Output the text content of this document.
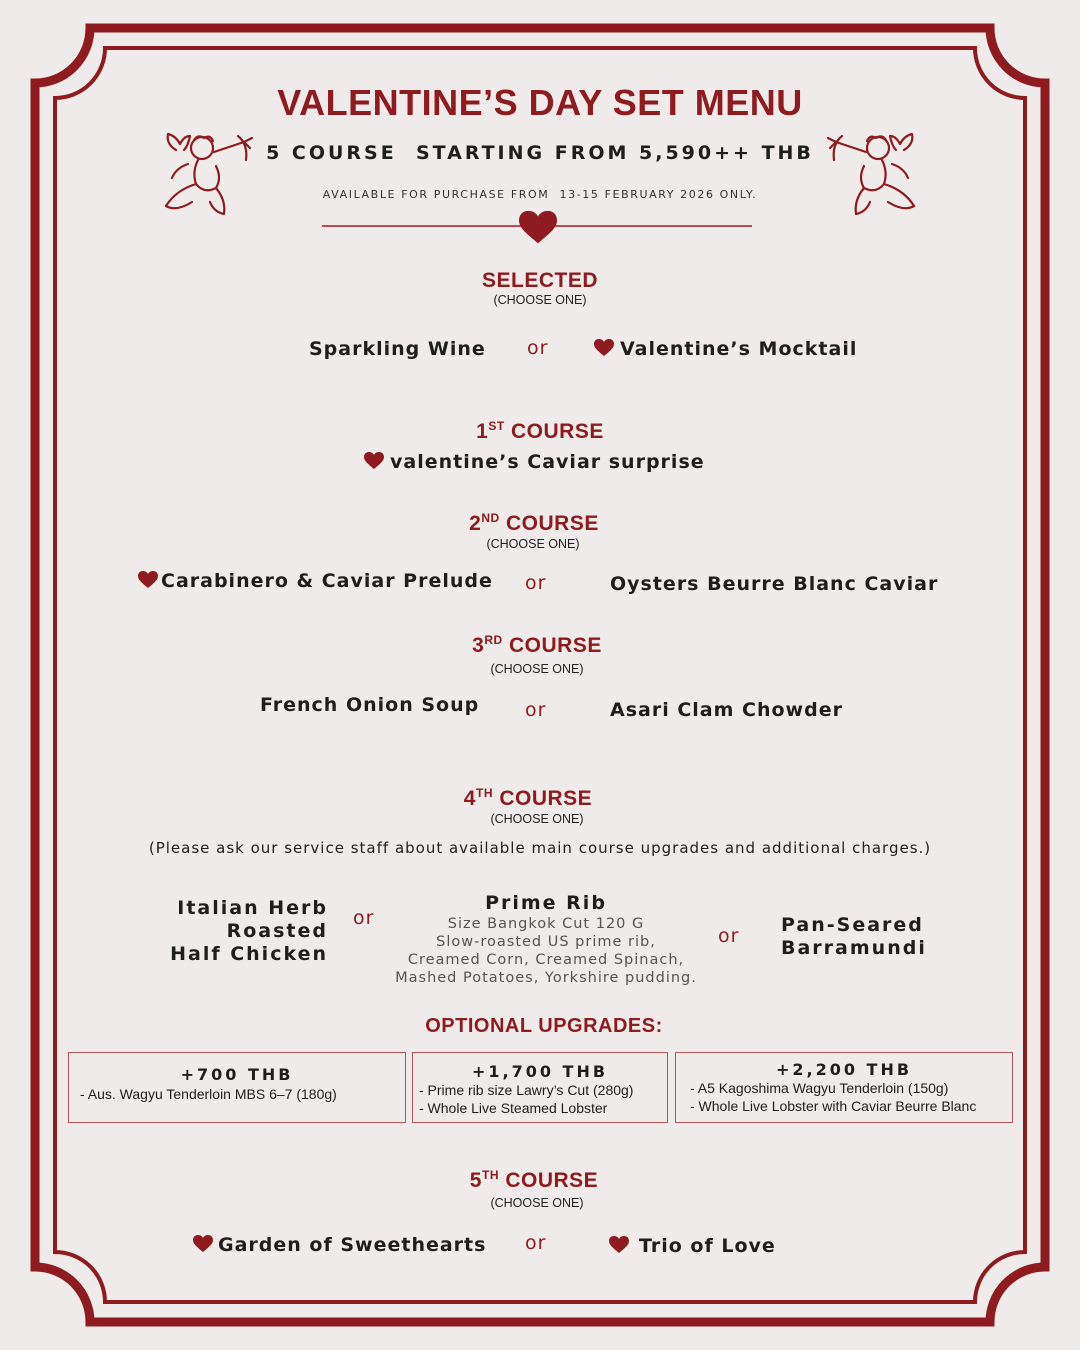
VALENTINE’S DAY SET MENU
5 COURSE  STARTING FROM 5,590++ THB
AVAILABLE FOR PURCHASE FROM  13-15 FEBRUARY 2026 ONLY.
SELECTED
(CHOOSE ONE)
Sparkling Wine or	Valentine’s Mocktail
1ST COURSE
valentine’s Caviar surprise
2ND COURSE
(CHOOSE ONE)
Carabinero & Caviar Prelude or	Oysters Beurre Blanc Caviar
3RD COURSE
(CHOOSE ONE)
French Onion Soup or	Asari Clam Chowder
4TH COURSE
(CHOOSE ONE)
(Please ask our service staff about available main course upgrades and additional charges.)
Italian Herb Roasted
Half Chicken
or
Prime Rib
Size Bangkok Cut 120 G
Slow-roasted US prime rib,
Creamed Corn, Creamed Spinach,
Mashed Potatoes, Yorkshire pudding.
or Pan-Seared
Barramundi
OPTIONAL UPGRADES:
+700 THB
- Aus. Wagyu Tenderloin MBS 6–7 (180g)
+1,700 THB
- Prime rib size Lawry’s Cut (280g)
- Whole Live Steamed Lobster
+2,200 THB
- A5 Kagoshima Wagyu Tenderloin (150g)
- Whole Live Lobster with Caviar Beurre Blanc
5TH COURSE
(CHOOSE ONE)
Garden of Sweethearts or	Trio of Love
